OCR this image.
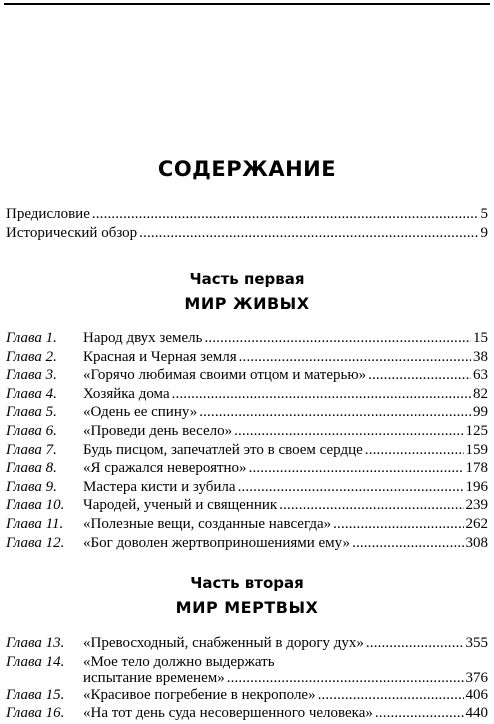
СОДЕРЖАНИЕ
Предисловие . . .	5
Исторический обзор . . .	9
Часть первая
МИР ЖИВЫХ
Глава 1. Народ двух земель . . .	15
Глава 2. Красная и Черная земля . . .	38
Глава 3. «Горячо любимая своими отцом и матерью» . . .	63
Глава 4. Хозяйка дома . . .	82
Глава 5. «Одень ее спину» . . .	99
Глава 6. «Проведи день весело» . . .	125
Глава 7. Будь писцом, запечатлей это в своем сердце . . .	159
Глава 8. «Я сражался невероятно» . . .	178
Глава 9. Мастера кисти и зубила . . .	196
Глава 10. Чародей, ученый и священник . . .	239
Глава 11. «Полезные вещи, созданные навсегда» . . .	262
Глава 12. «Бог доволен жертвоприношениями ему» . . .	308
Часть вторая
МИР МЕРТВЫХ
Глава 13. «Превосходный, снабженный в дорогу дух» . . .	355
Глава 14. «Мое тело должно выдержать
испытание временем» . . .	376
Глава 15. «Красивое погребение в некрополе» . . .	406
Глава 16. «На тот день суда несовершенного человека» . . .	440
